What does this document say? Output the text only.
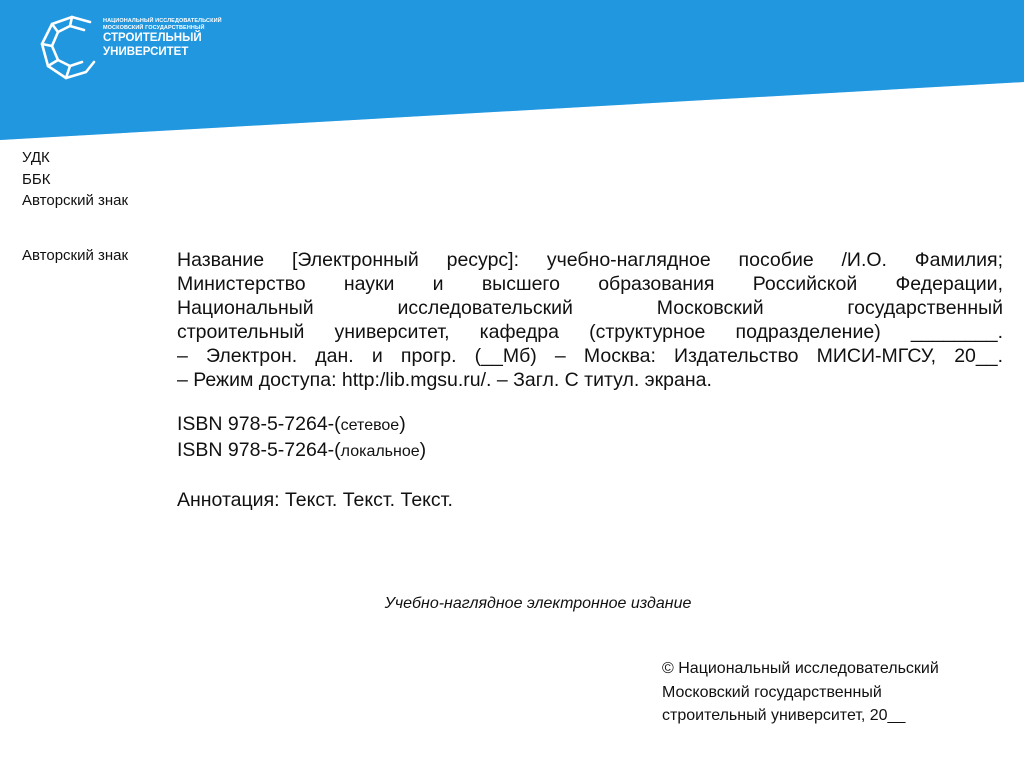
НАЦИОНАЛЬНЫЙ ИССЛЕДОВАТЕЛЬСКИЙ
МОСКОВСКИЙ ГОСУДАРСТВЕННЫЙ
СТРОИТЕЛЬНЫЙ
УНИВЕРСИТЕТ
УДК
ББК
Авторский знак
Авторский знак	Название [Электронный ресурс]: учебно-наглядное пособие /И.О. Фамилия;
Министерство науки и высшего образования Российской Федерации,
Национальный исследовательский Московский государственный
строительный университет, кафедра (структурное подразделение) ________.
– Электрон. дан. и прогр. (__Мб) – Москва: Издательство МИСИ-МГСУ, 20__.
– Режим доступа: http:/lib.mgsu.ru/. – Загл. С титул. экрана.
ISBN 978-5-7264-(сетевое)
ISBN 978-5-7264-(локальное)
Аннотация: Текст. Текст. Текст.
Учебно-наглядное электронное издание
© Национальный исследовательский
Московский государственный
строительный университет, 20__
